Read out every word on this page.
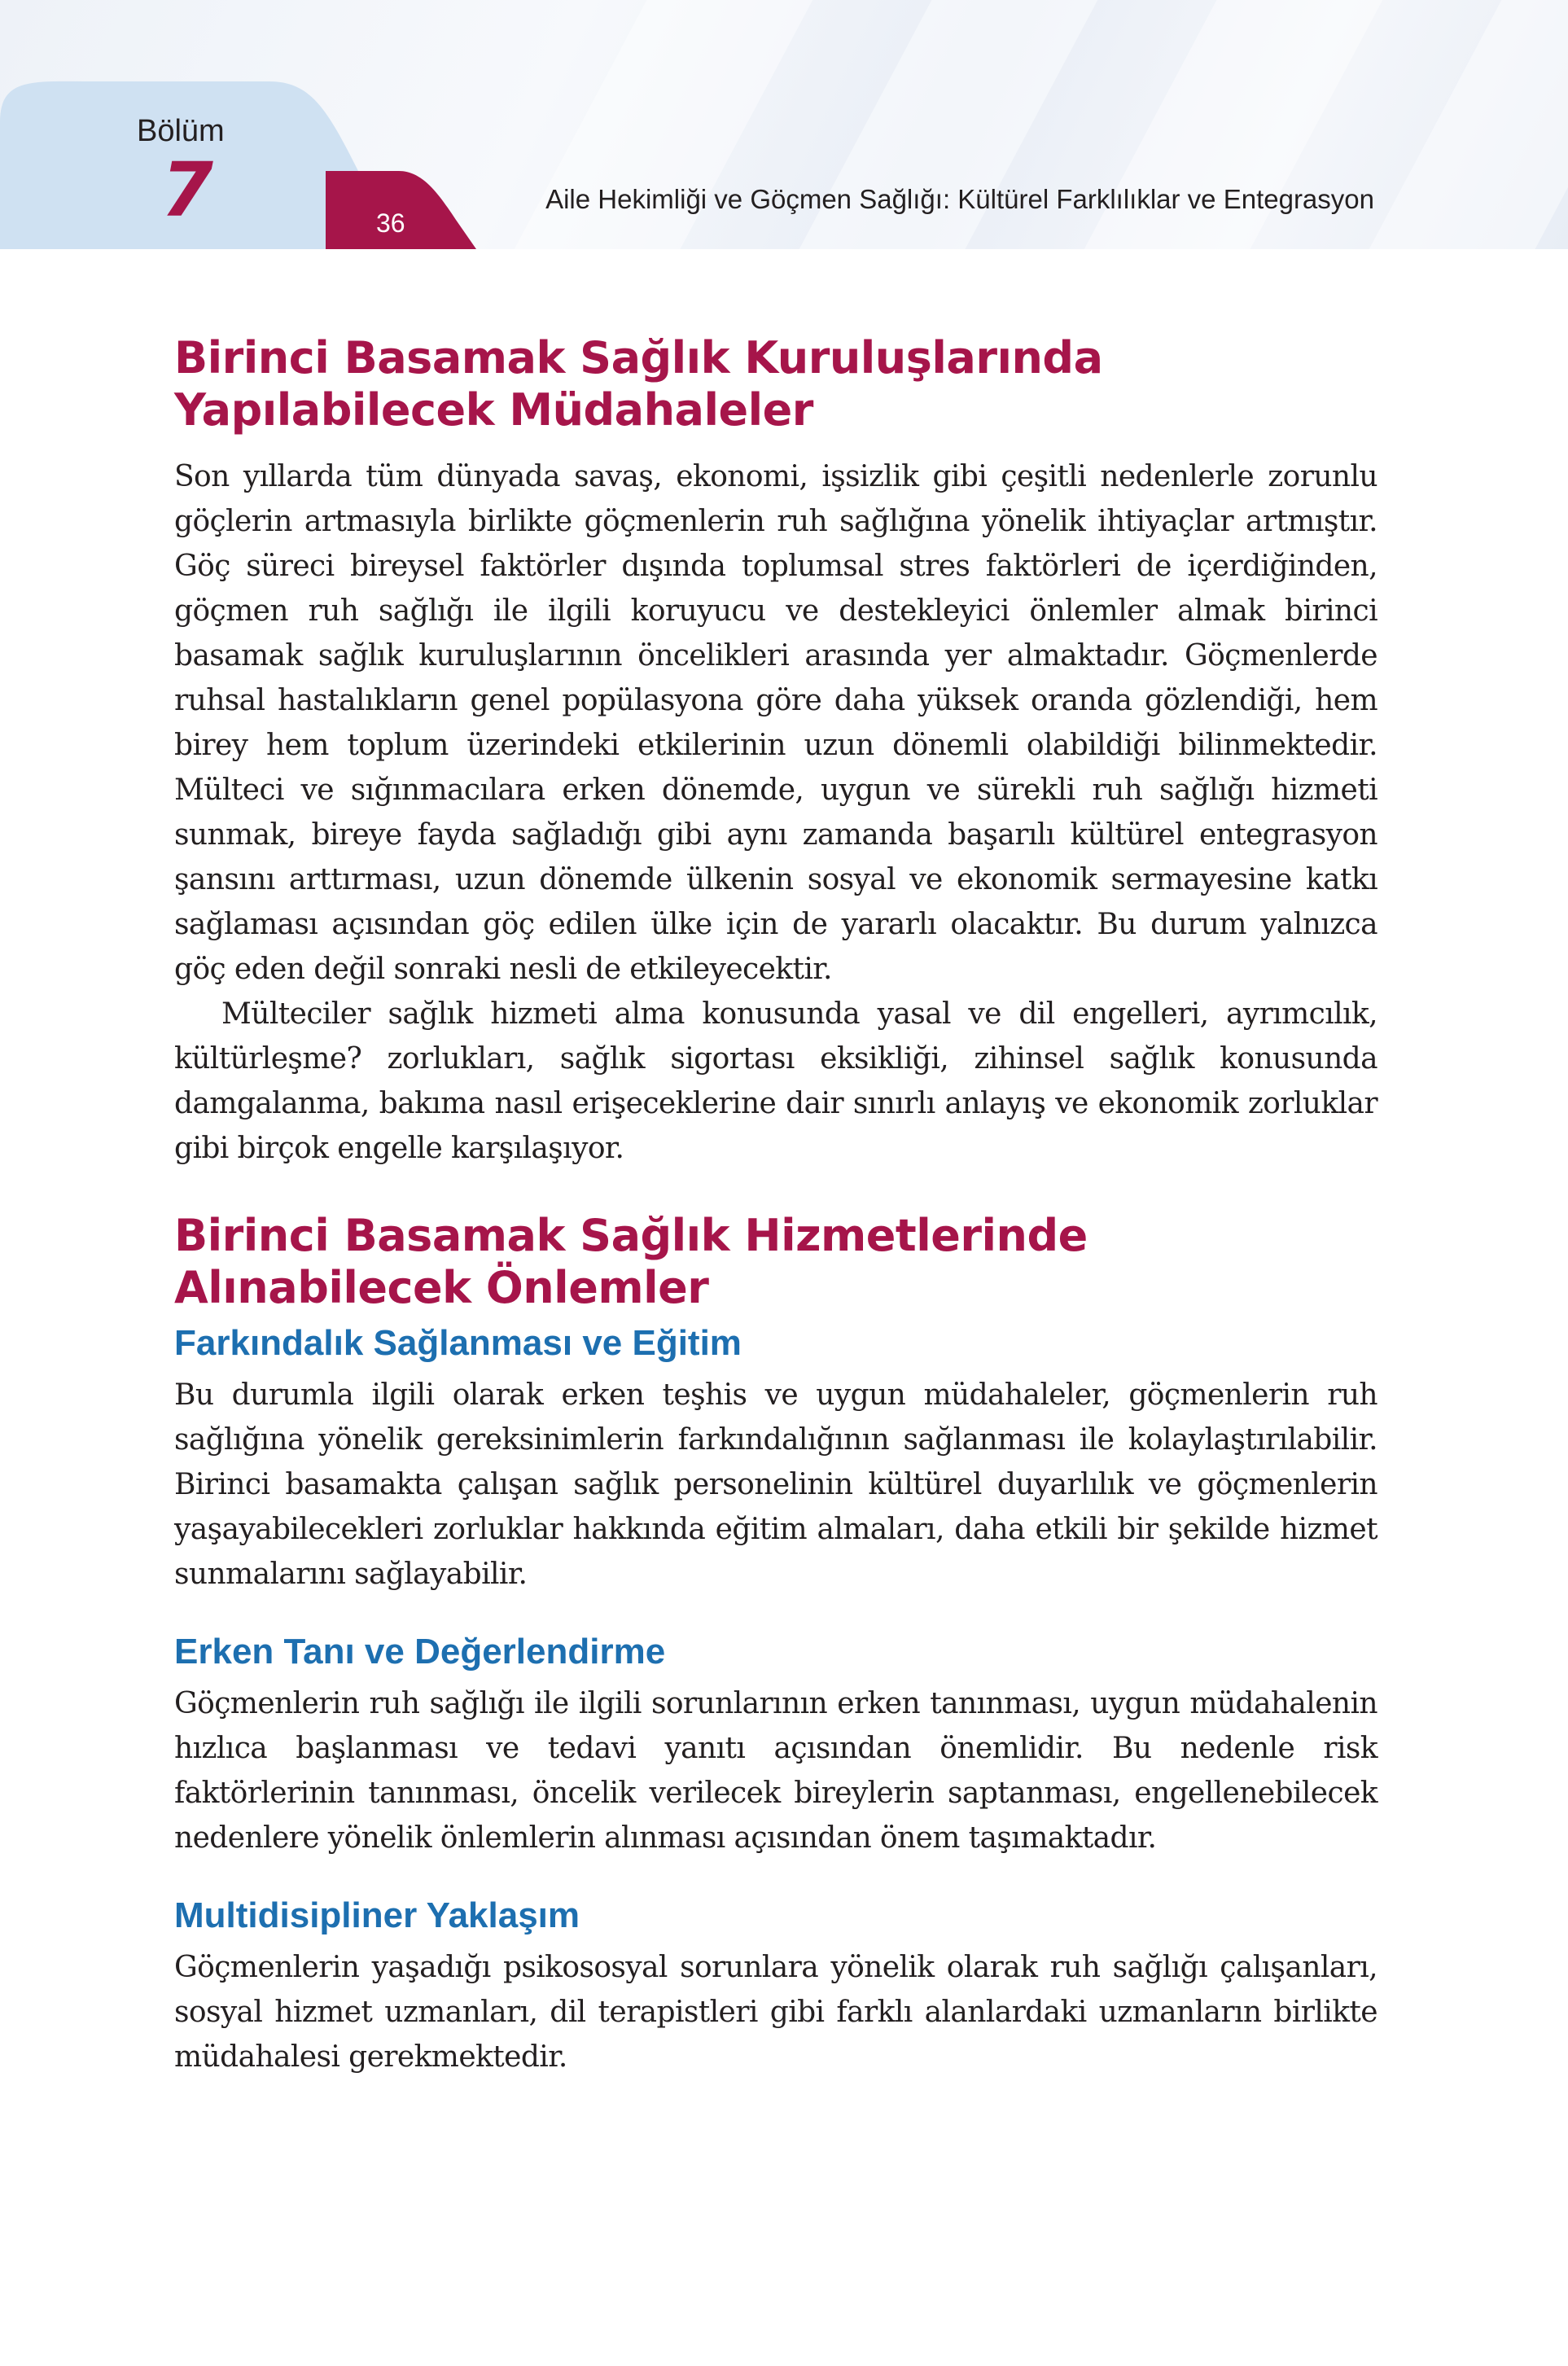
Bölüm
7	36
Aile Hekimliği ve Göçmen Sağlığı: Kültürel Farklılıklar ve Entegrasyon
Birinci Basamak Sağlık Kuruluşlarında Yapılabilecek Müdahaleler

Son yıllarda tüm dünyada savaş, ekonomi, işsizlik gibi çeşitli nedenlerle zorunlu göçlerin artmasıyla birlikte göçmenlerin ruh sağlığına yönelik ihtiyaçlar artmıştır. Göç süreci bireysel faktörler dışında toplumsal stres faktörleri de içerdiğinden, göçmen ruh sağlığı ile ilgili koruyucu ve destekleyici önlemler almak birinci basamak sağlık kuruluşlarının öncelikleri arasında yer almaktadır. Göçmenlerde ruhsal hastalıkların genel popülasyona göre daha yüksek oranda gözlendiği, hem birey hem toplum üzerindeki etkilerinin uzun dönemli olabildiği bilinmektedir. Mülteci ve sığınmacılara erken dönemde, uygun ve sürekli ruh sağlığı hizmeti sunmak, bireye fayda sağladığı gibi aynı zamanda başarılı kültürel entegrasyon şansını arttırması, uzun dönemde ülkenin sosyal ve ekonomik sermayesine katkı sağlaması açısından göç edilen ülke için de yararlı olacaktır. Bu durum yalnızca göç eden değil sonraki nesli de etkileyecektir.

Mülteciler sağlık hizmeti alma konusunda yasal ve dil engelleri, ayrımcılık, kültürleşme? zorlukları, sağlık sigortası eksikliği, zihinsel sağlık konusunda damgalanma, bakıma nasıl erişeceklerine dair sınırlı anlayış ve ekonomik zorluklar gibi birçok engelle karşılaşıyor.

Birinci Basamak Sağlık Hizmetlerinde Alınabilecek Önlemler
Farkındalık Sağlanması ve Eğitim

Bu durumla ilgili olarak erken teşhis ve uygun müdahaleler, göçmenlerin ruh sağlığına yönelik gereksinimlerin farkındalığının sağlanması ile kolaylaştırılabilir. Birinci basamakta çalışan sağlık personelinin kültürel duyarlılık ve göçmenlerin yaşayabilecekleri zorluklar hakkında eğitim almaları, daha etkili bir şekilde hizmet sunmalarını sağlayabilir.

Erken Tanı ve Değerlendirme

Göçmenlerin ruh sağlığı ile ilgili sorunlarının erken tanınması, uygun müdahalenin hızlıca başlanması ve tedavi yanıtı açısından önemlidir. Bu nedenle risk faktörlerinin tanınması, öncelik verilecek bireylerin saptanması, engellenebilecek nedenlere yönelik önlemlerin alınması açısından önem taşımaktadır.

Multidisipliner Yaklaşım

Göçmenlerin yaşadığı psikososyal sorunlara yönelik olarak ruh sağlığı çalışanları, sosyal hizmet uzmanları, dil terapistleri gibi farklı alanlardaki uzmanların birlikte müdahalesi gerekmektedir.
